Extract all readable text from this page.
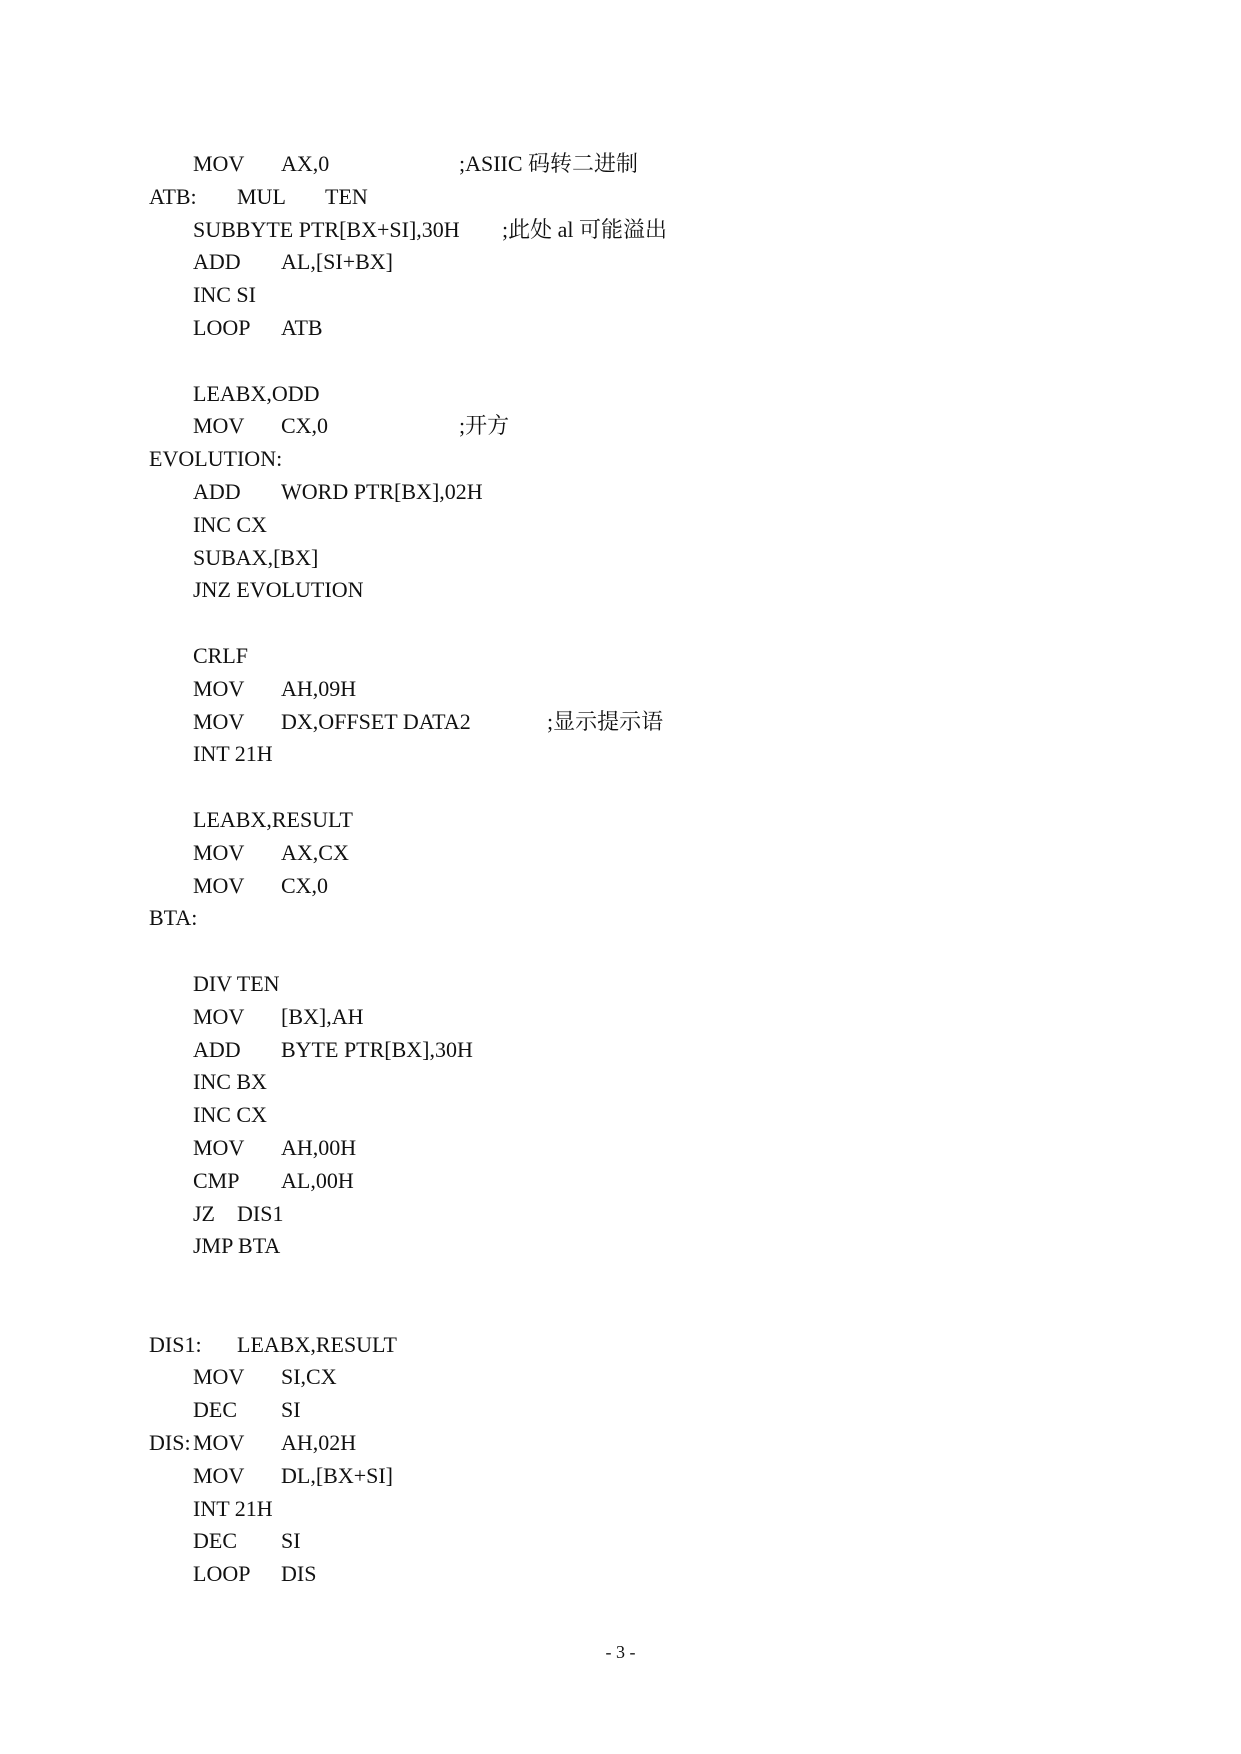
MOV AX,0	;ASIIC 码转二进制
ATB: MUL TEN
SUBBYTE PTR[BX+SI],30H ;此处 al 可能溢出
ADD AL,[SI+BX]
INC SI
LOOP ATB
LEABX,ODD
MOV CX,0	;开方
EVOLUTION:
ADD WORD PTR[BX],02H
INC CX
SUBAX,[BX]
JNZ EVOLUTION
CRLF
MOV AH,09H
MOV DX,OFFSET DATA2	;显示提示语
INT 21H
LEABX,RESULT
MOV AX,CX
MOV CX,0
BTA:
DIV TEN
MOV [BX],AH
ADD BYTE PTR[BX],30H
INC BX
INC CX
MOV AH,00H
CMP AL,00H
JZ DIS1
JMP BTA
DIS1: LEABX,RESULT
MOV SI,CX
DEC SI
DIS: MOV AH,02H
MOV DL,[BX+SI]
INT 21H
DEC SI
LOOP DIS
- 3 -
